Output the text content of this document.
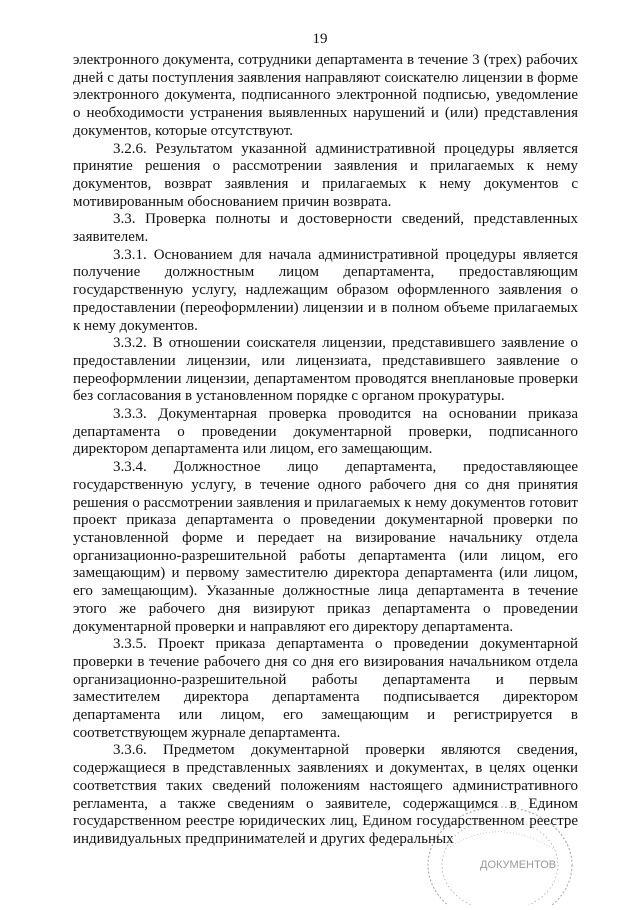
19

электронного документа, сотрудники департамента в течение 3 (трех) рабочих дней с даты поступления заявления направляют соискателю лицензии в форме электронного документа, подписанного электронной подписью, уведомление о необходимости устранения выявленных нарушений и (или) представления документов, которые отсутствуют.

3.2.6. Результатом указанной административной процедуры является принятие решения о рассмотрении заявления и прилагаемых к нему документов, возврат заявления и прилагаемых к нему документов с мотивированным обоснованием причин возврата.

3.3. Проверка полноты и достоверности сведений, представленных заявителем.

3.3.1. Основанием для начала административной процедуры является получение должностным лицом департамента, предоставляющим государственную услугу, надлежащим образом оформленного заявления о предоставлении (переоформлении) лицензии и в полном объеме прилагаемых к нему документов.

3.3.2. В отношении соискателя лицензии, представившего заявление о предоставлении лицензии, или лицензиата, представившего заявление о переоформлении лицензии, департаментом проводятся внеплановые проверки без согласования в установленном порядке с органом прокуратуры.

3.3.3. Документарная проверка проводится на основании приказа департамента о проведении документарной проверки, подписанного директором департамента или лицом, его замещающим.

3.3.4. Должностное лицо департамента, предоставляющее государственную услугу, в течение одного рабочего дня со дня принятия решения о рассмотрении заявления и прилагаемых к нему документов готовит проект приказа департамента о проведении документарной проверки по установленной форме и передает на визирование начальнику отдела организационно-разрешительной работы департамента (или лицом, его замещающим) и первому заместителю директора департамента (или лицом, его замещающим). Указанные должностные лица департамента в течение этого же рабочего дня визируют приказ департамента о проведении документарной проверки и направляют его директору департамента.

3.3.5. Проект приказа департамента о проведении документарной проверки в течение рабочего дня со дня его визирования начальником отдела организационно-разрешительной работы департамента и первым заместителем директора департамента подписывается директором департамента или лицом, его замещающим и регистрируется в соответствующем журнале департамента.

3.3.6. Предметом документарной проверки являются сведения, содержащиеся в представленных заявлениях и документах, в целях оценки соответствия таких сведений положениям настоящего административного регламента, а также сведениям о заявителе, содержащимся в Едином государственном реестре юридических лиц, Едином государственном реестре индивидуальных предпринимателей и других федеральных

ДОКУМЕНТОВ
